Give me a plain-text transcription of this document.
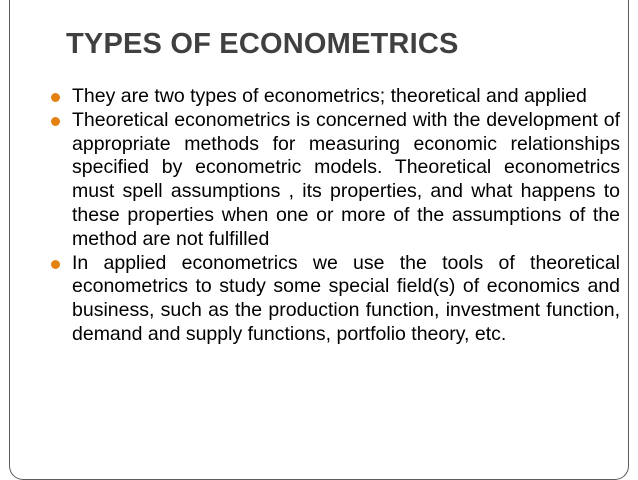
TYPES OF ECONOMETRICS
They are two types of econometrics; theoretical and applied
Theoretical econometrics is concerned with the development of appropriate methods for measuring economic relationships specified by econometric models. Theoretical econometrics must spell assumptions , its properties, and what happens to these properties when one or more of the assumptions of the method are not fulfilled
In applied econometrics we use the tools of theoretical econometrics to study some special field(s) of economics and business, such as the production function, investment function, demand and supply functions, portfolio theory, etc.
